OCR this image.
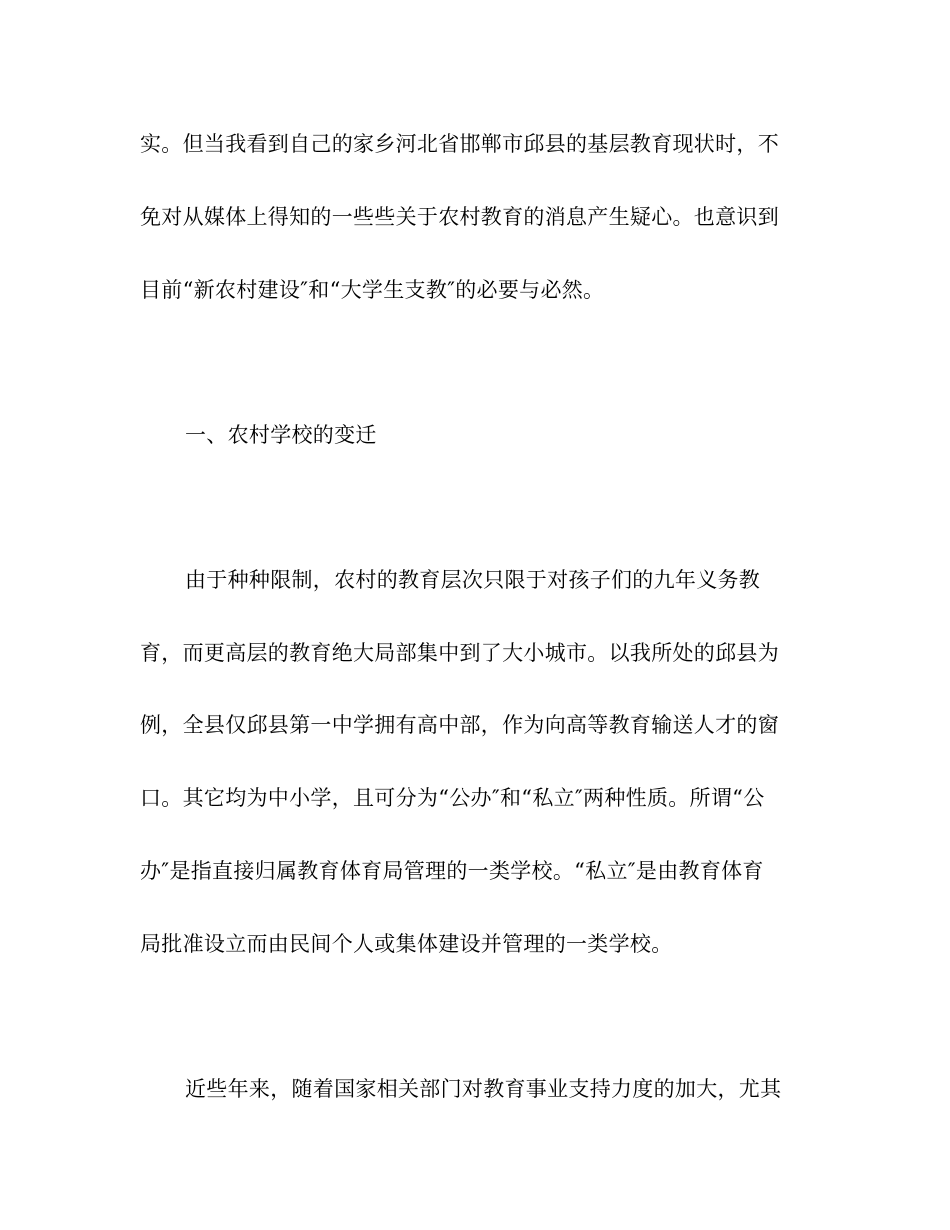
实。但当我看到自己的家乡河北省邯郸市邱县的基层教育现状时，不
免对从媒体上得知的一些些关于农村教育的消息产生疑心。也意识到
目前“新农村建设″和“大学生支教″的必要与必然。
一、农村学校的变迁
由于种种限制，农村的教育层次只限于对孩子们的九年义务教
育，而更高层的教育绝大局部集中到了大小城市。以我所处的邱县为
例，全县仅邱县第一中学拥有高中部，作为向高等教育输送人才的窗
口。其它均为中小学，且可分为“公办″和“私立″两种性质。所谓“公
办″是指直接归属教育体育局管理的一类学校。“私立″是由教育体育
局批准设立而由民间个人或集体建设并管理的一类学校。
近些年来，随着国家相关部门对教育事业支持力度的加大，尤其
